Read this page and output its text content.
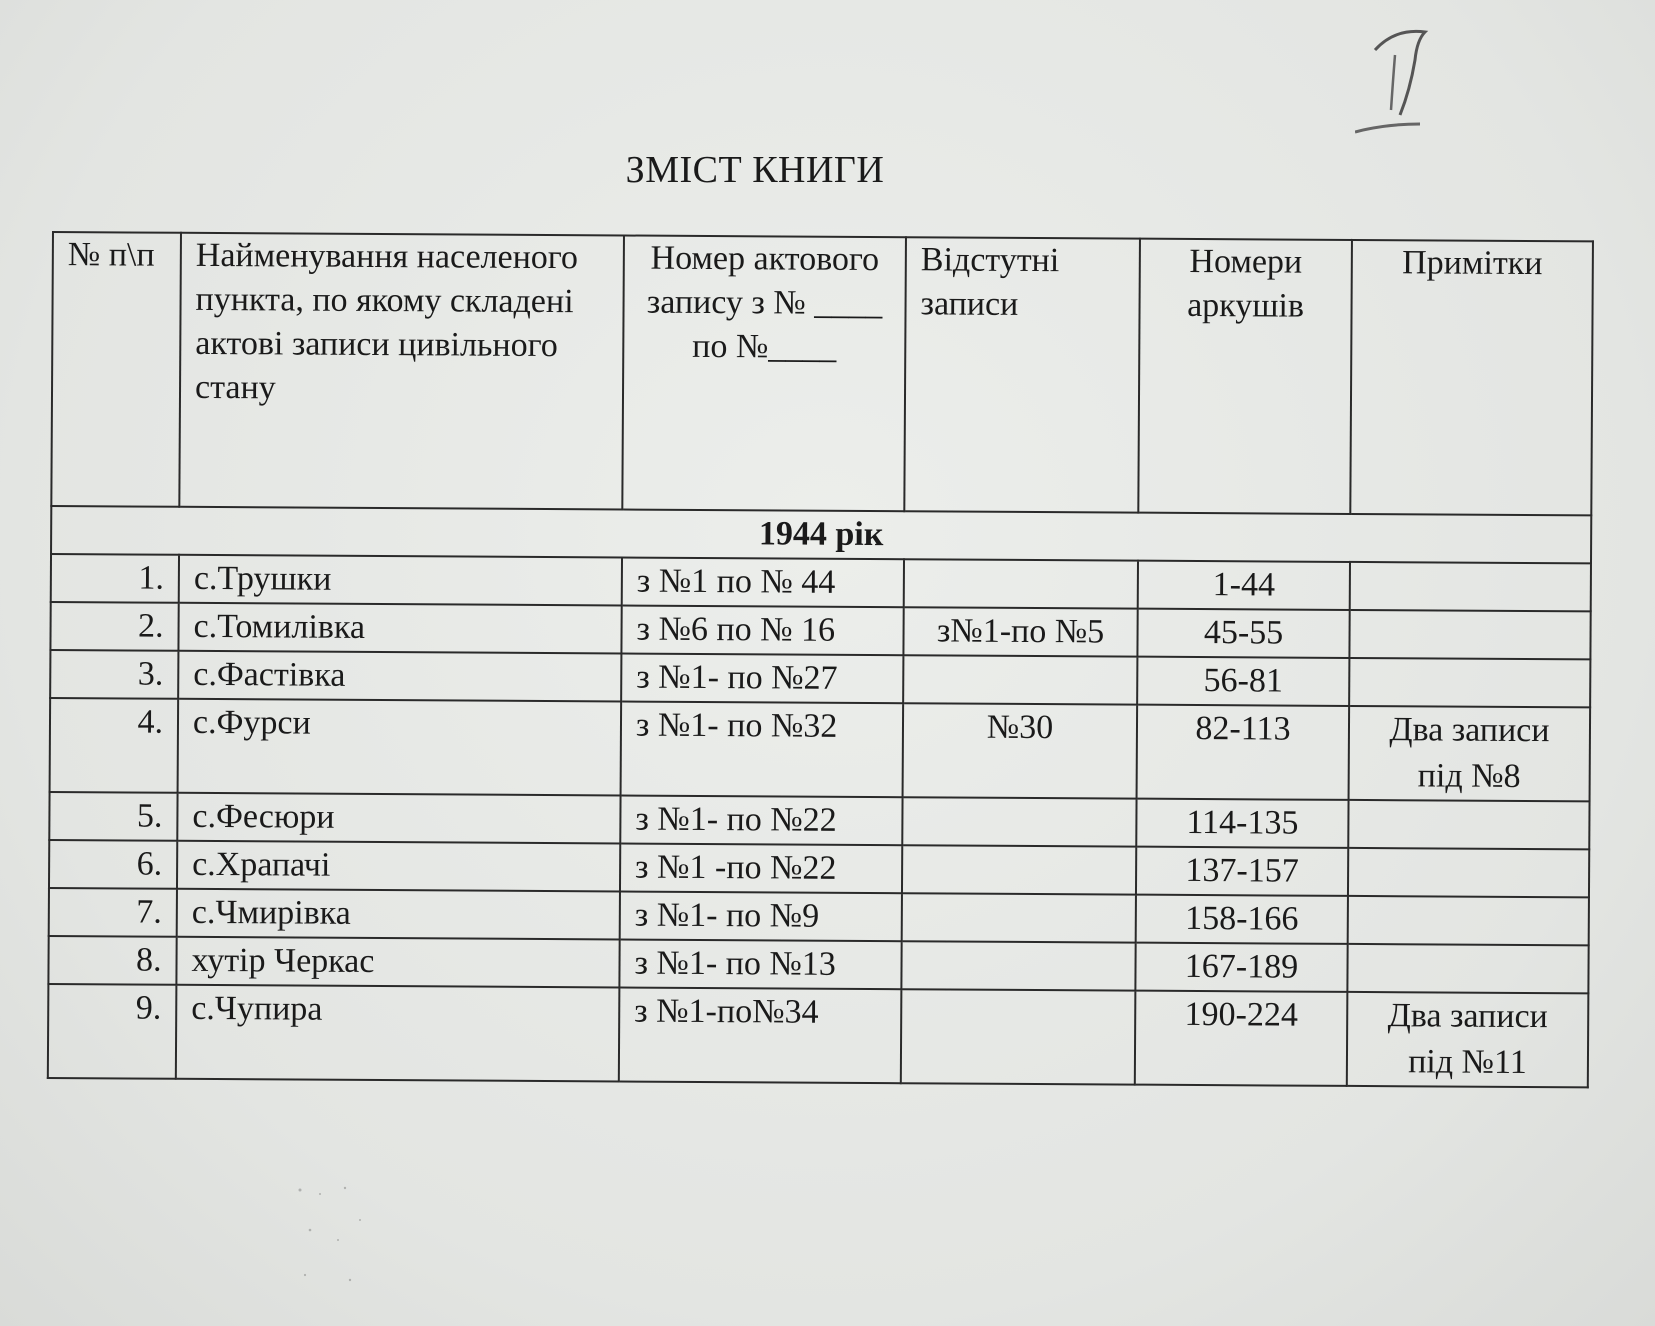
ЗМІСТ КНИГИ
№ п\п	Найменування населеного пункта, по якому складені актові записи цивільного стану	Номер актового запису з № ____ по №____	Відстутні записи	Номери аркушів	Примітки
1944 рік					
1.	с.Трушки	з №1 по № 44		1-44	
2.	с.Томилівка	з №6 по № 16	з№1-по №5	45-55	
3.	с.Фастівка	з №1- по №27		56-81	
4.	с.Фурси	з №1- по №32	№30	82-113	Два записи під №8
5.	с.Фесюри	з №1- по №22		114-135	
6.	с.Храпачі	з №1 -по №22		137-157	
7.	с.Чмирівка	з №1- по №9		158-166	
8.	хутір Черкас	з №1- по №13		167-189	
9.	с.Чупира	з №1-по№34		190-224	Два записи під №11
